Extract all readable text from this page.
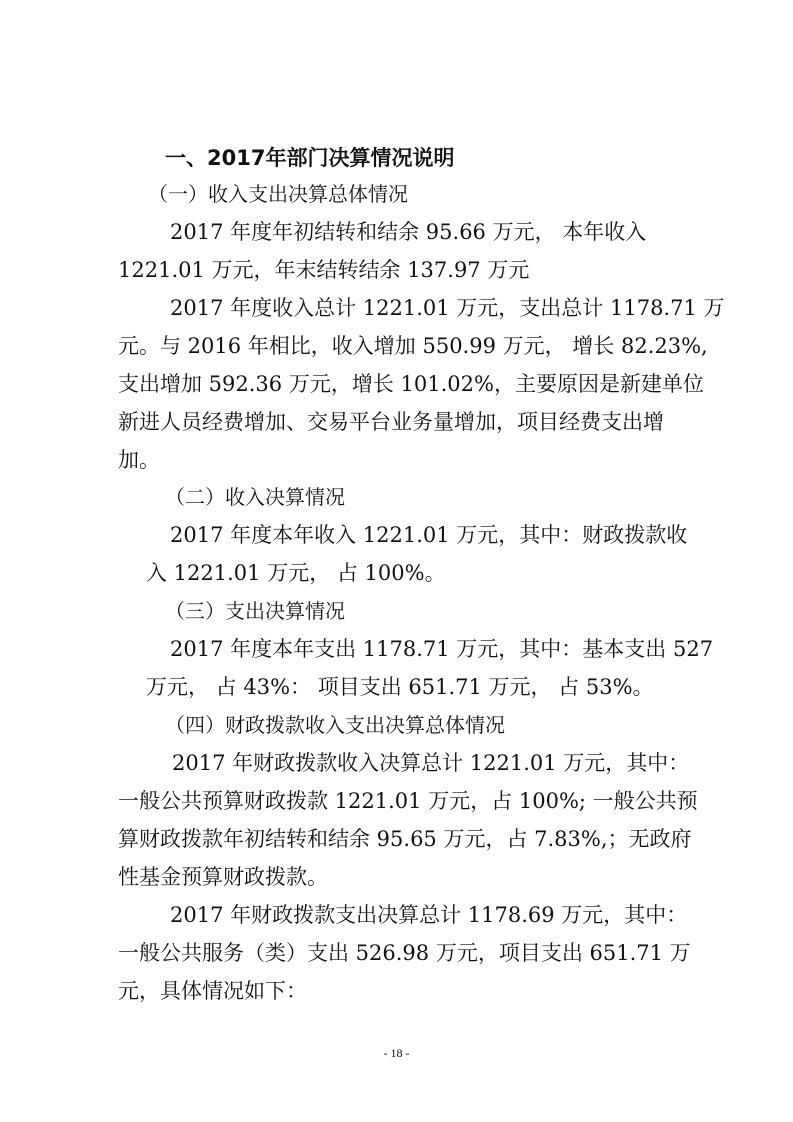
一、2017年部门决算情况说明
（一）收入支出决算总体情况
2017 年度年初结转和结余 95.66 万元， 本年收入
1221.01 万元，年末结转结余 137.97 万元
2017 年度收入总计 1221.01 万元，支出总计 1178.71 万
元。与 2016 年相比，收入增加 550.99 万元， 增长 82.23%,
支出增加 592.36 万元，增长 101.02%，主要原因是新建单位
新进人员经费增加、交易平台业务量增加，项目经费支出增
加。
（二）收入决算情况
2017 年度本年收入 1221.01 万元，其中：财政拨款收
入 1221.01 万元， 占 100%。
（三）支出决算情况
2017 年度本年支出 1178.71 万元，其中：基本支出 527
万元， 占 43%： 项目支出 651.71 万元， 占 53%。
（四）财政拨款收入支出决算总体情况
2017 年财政拨款收入决算总计 1221.01 万元，其中：
一般公共预算财政拨款 1221.01 万元，占 100%; 一般公共预
算财政拨款年初结转和结余 95.65 万元，占 7.83%,；无政府
性基金预算财政拨款。
2017 年财政拨款支出决算总计 1178.69 万元，其中：
一般公共服务（类）支出 526.98 万元，项目支出 651.71 万
元，具体情况如下：
- 18 -
